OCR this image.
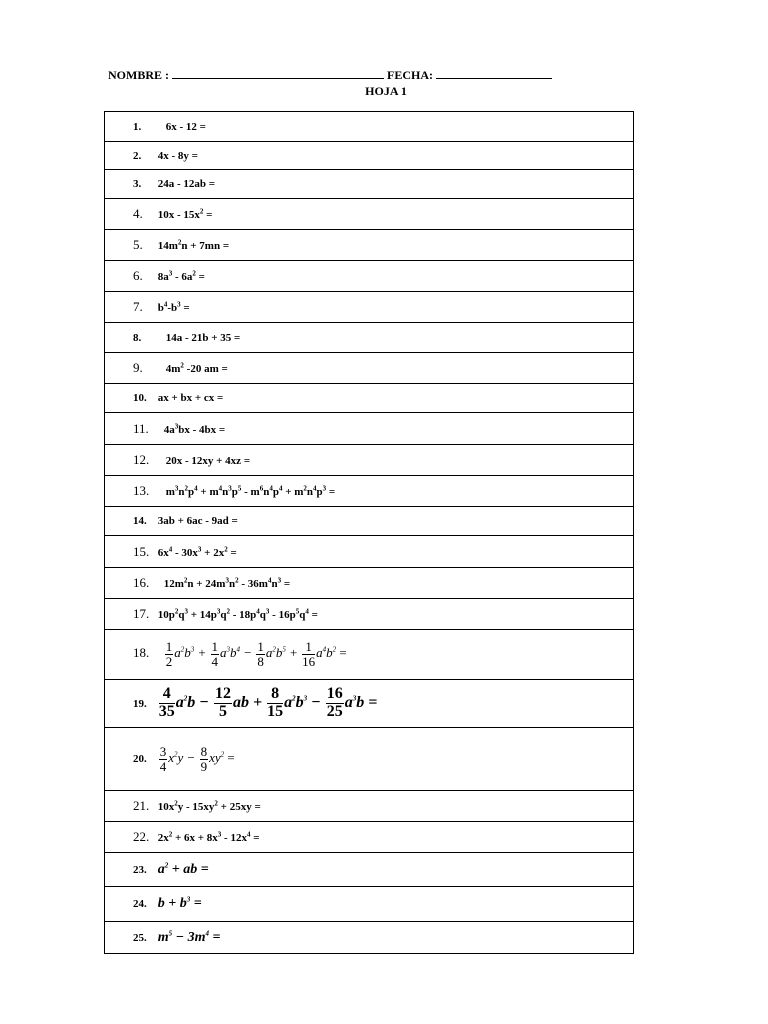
NOMBRE :	FECHA:
HOJA 1
1. 6x - 12 =
2. 4x - 8y =
3. 24a - 12ab =
4. $10x - 15x^2$ =
5. $14m^2n + 7mn$ =
6. $8a^3 - 6a^2$ =
7. $b^4-b^3$ =
8. 14a - 21b + 35 =
9. $4m^2$ -20 am =
10. ax + bx + cx =
11. $4a^3bx - 4bx$ =
12. 20x - 12xy + 4xz =
13. $m^3n^2p^4 + m^4n^3p^5 - m^6n^4p^4 + m^2n^4p^3$ =
14. 3ab + 6ac - 9ad =
15. $6x^4 - 30x^3 + 2x^2$ =
16. $12m^2n + 24m^3n^2 - 36m^4n^3$ =
17. $10p^2q^3 + 14p^3q^2 - 18p^4q^3 - 16p^5q^4$ =
18. $\frac{1}{2} a^2b^3 + \frac{1}{4} a^3b^4 - \frac{1}{8} a^2b^5 + \frac{1}{16} a^4b^2$ =
19. $\frac{4}{35} a^2b - \frac{12}{5}$ ab + $\frac{8}{15} a^2b^3 - \frac{16}{25} a^3b$ =
20. $\frac{3}{4} x^2y - \frac{8}{9} xy^2$ =
21. $10x^2y - 15xy^2 + 25xy$ =
22. $2x^2 + 6x + 8x^3 - 12x^4$ =
23. $a^2$ + ab =
24. $b + b^3$ =
25. $m^5 - 3m^4$ =
